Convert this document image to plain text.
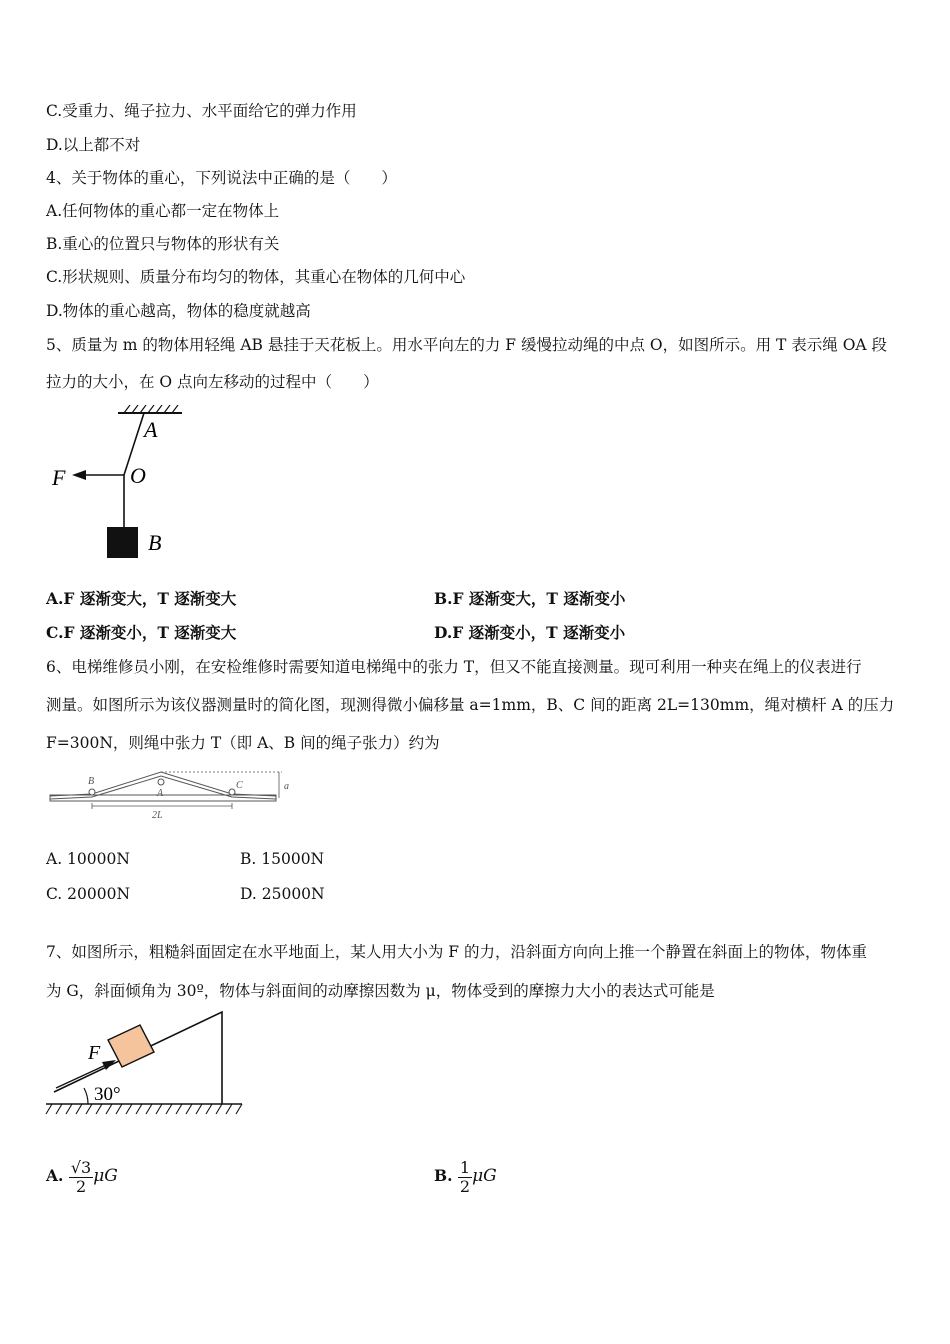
C.受重力、绳子拉力、水平面给它的弹力作用
D.以上都不对
4、关于物体的重心，下列说法中正确的是（　　）
A.任何物体的重心都一定在物体上
B.重心的位置只与物体的形状有关
C.形状规则、质量分布均匀的物体，其重心在物体的几何中心
D.物体的重心越高，物体的稳度就越高
5、质量为 m 的物体用轻绳 AB 悬挂于天花板上。用水平向左的力 F 缓慢拉动绳的中点 O，如图所示。用 T 表示绳 OA 段
拉力的大小，在 O 点向左移动的过程中（　　）
A
O
F
B
A.F 逐渐变大，T 逐渐变大	B.F 逐渐变大，T 逐渐变小
C.F 逐渐变小，T 逐渐变大	D.F 逐渐变小，T 逐渐变小
6、电梯维修员小刚，在安检维修时需要知道电梯绳中的张力 T，但又不能直接测量。现可利用一种夹在绳上的仪表进行
测量。如图所示为该仪器测量时的简化图，现测得微小偏移量 a=1mm，B、C 间的距离 2L=130mm，绳对横杆 A 的压力
F=300N，则绳中张力 T（即 A、B 间的绳子张力）约为
B
A
C	a
2L
A. 10000N	B. 15000N
C. 20000N	D. 25000N
7、如图所示，粗糙斜面固定在水平地面上，某人用大小为 F 的力，沿斜面方向向上推一个静置在斜面上的物体，物体重
为 G，斜面倾角为 30º，物体与斜面间的动摩擦因数为 μ，物体受到的摩擦力大小的表达式可能是
F
30°
A. $\frac{√3}{2}$ μG	B. $\frac{1}{2}$ μG
